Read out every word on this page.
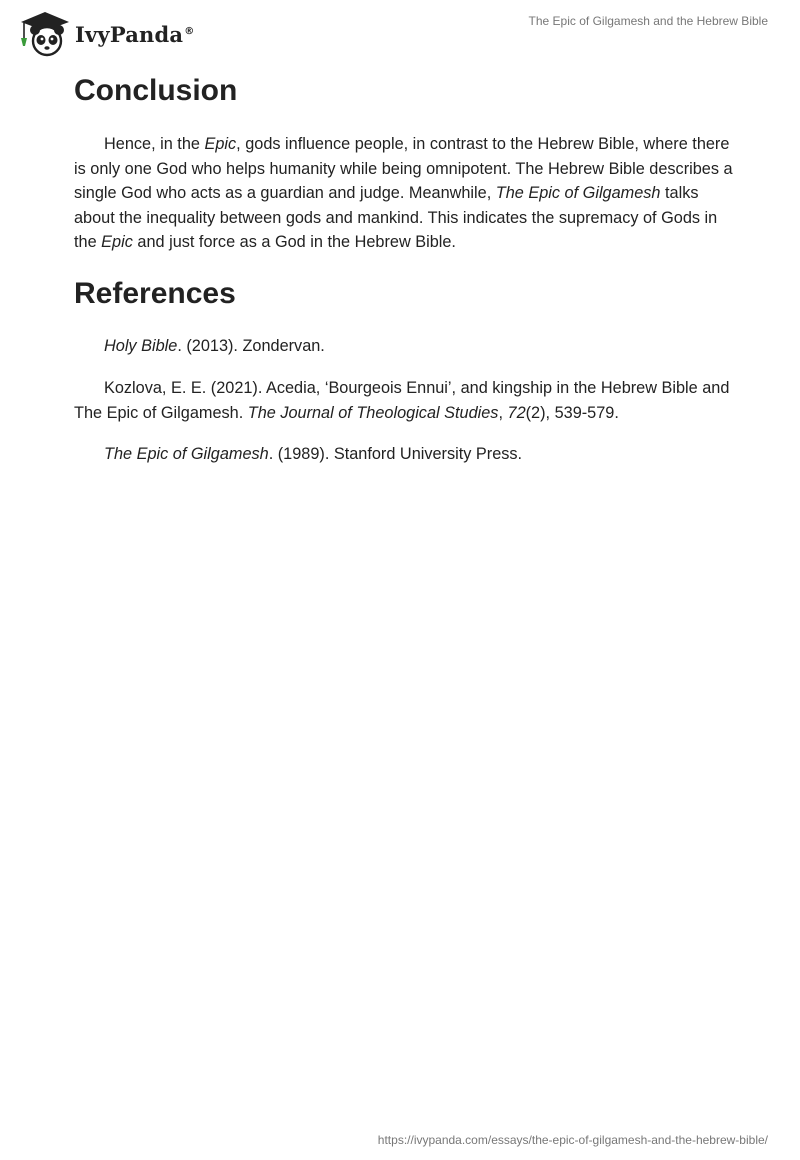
IvyPanda®
The Epic of Gilgamesh and the Hebrew Bible
Conclusion

Hence, in the Epic, gods influence people, in contrast to the Hebrew Bible, where there is only one God who helps humanity while being omnipotent. The Hebrew Bible describes a single God who acts as a guardian and judge. Meanwhile, The Epic of Gilgamesh talks about the inequality between gods and mankind. This indicates the supremacy of Gods in the Epic and just force as a God in the Hebrew Bible.

References

Holy Bible. (2013). Zondervan.

Kozlova, E. E. (2021). Acedia, ‘Bourgeois Ennui’, and kingship in the Hebrew Bible and The Epic of Gilgamesh. The Journal of Theological Studies, 72(2), 539-579.

The Epic of Gilgamesh. (1989). Stanford University Press.

https://ivypanda.com/essays/the-epic-of-gilgamesh-and-the-hebrew-bible/
